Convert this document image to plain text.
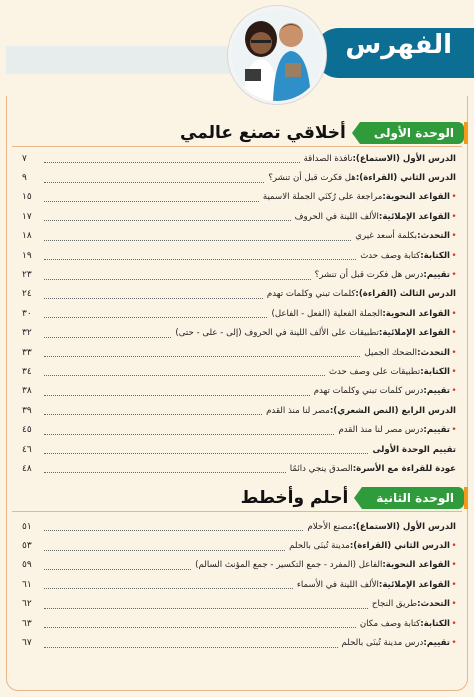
الفهرس
الوحدة الأولى
أخلاقي تصنع عالمي
الدرس الأول (الاستماع):
نافذة الصداقة
٧
الدرس الثاني (القراءة):
هل فكرت قبل أن تنشر؟
٩
•
القواعد النحوية:
مراجعة على رُكنَي الجملة الاسمية
١٥
•
القواعد الإملائية:
الألف اللينة في الحروف
١٧
•
التحدث:
بكلمة أسعد غيري
١٨
•
الكتابة:
كتابة وصف حدث
١٩
•
تقييم:
درس هل فكرت قبل أن تنشر؟
٢٣
الدرس الثالث (القراءة):
كلمات تبني وكلمات تهدم
٢٤
•
القواعد النحوية:
الجملة الفعلية (الفعل - الفاعل)
٣٠
•
القواعد الإملائية:
تطبيقات على الألف اللينة في الحروف (إلى - على - حتى)
٣٢
•
التحدث:
الضحك الجميل
٣٣
•
الكتابة:
تطبيقات على وصف حدث
٣٤
•
تقييم:
درس كلمات تبني وكلمات تهدم
٣٨
الدرس الرابع (النص الشعري):
مصر لنا منذ القدم
٣٩
•
تقييم:
درس مصر لنا منذ القدم
٤٥
تقييم الوحدة الأولى
٤٦
عودة للقراءة مع الأسرة:
الصدق ينجي دائمًا
٤٨
الوحدة الثانية
أحلم وأخطط
الدرس الأول (الاستماع):
مصنع الأحلام
٥١
•
الدرس الثاني (القراءة):
مدينة تُبنَى بالحلم
٥٣
•
القواعد النحوية:
الفاعل (المفرد - جمع التكسير - جمع المؤنث السالم)
٥٩
•
القواعد الإملائية:
الألف اللينة في الأسماء
٦١
•
التحدث:
طريق النجاح
٦٢
•
الكتابة:
كتابة وصف مكان
٦٣
•
تقييم:
درس مدينة تُبنَى بالحلم
٦٧
